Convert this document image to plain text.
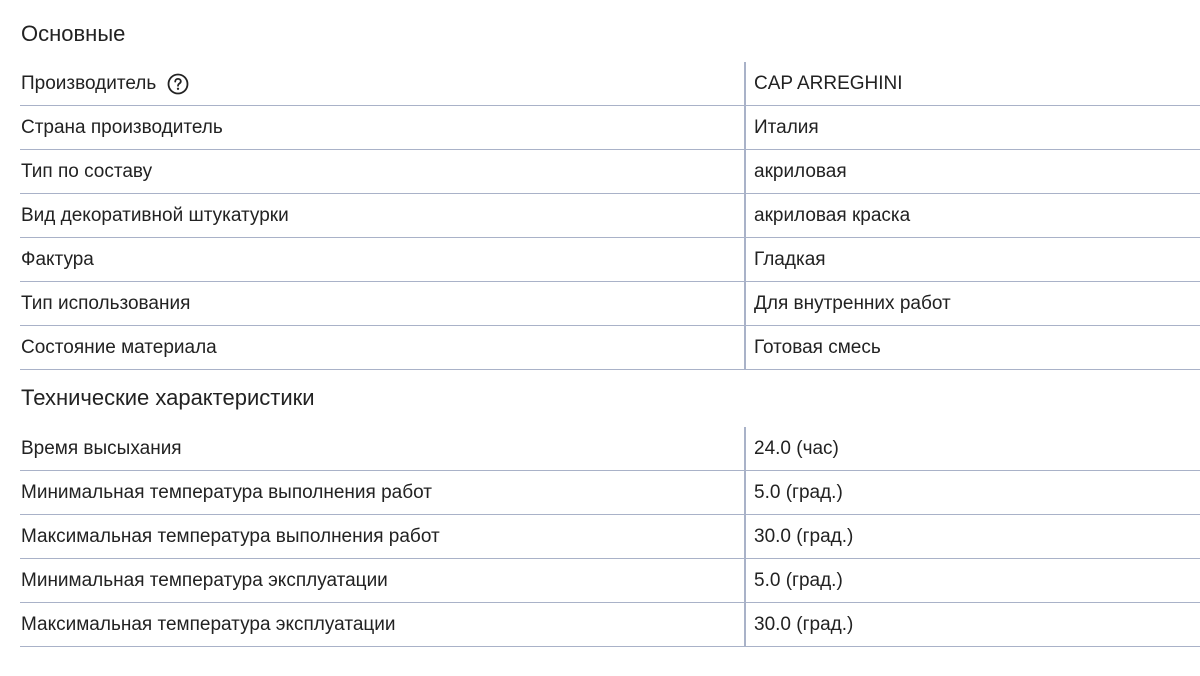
Основные
Производитель	CAP ARREGHINI
Страна производитель	Италия
Тип по составу	акриловая
Вид декоративной штукатурки	акриловая краска
Фактура	Гладкая
Тип использования	Для внутренних работ
Состояние материала	Готовая смесь
Технические характеристики
Время высыхания	24.0 (час)
Минимальная температура выполнения работ	5.0 (град.)
Максимальная температура выполнения работ	30.0 (град.)
Минимальная температура эксплуатации	5.0 (град.)
Максимальная температура эксплуатации	30.0 (град.)
